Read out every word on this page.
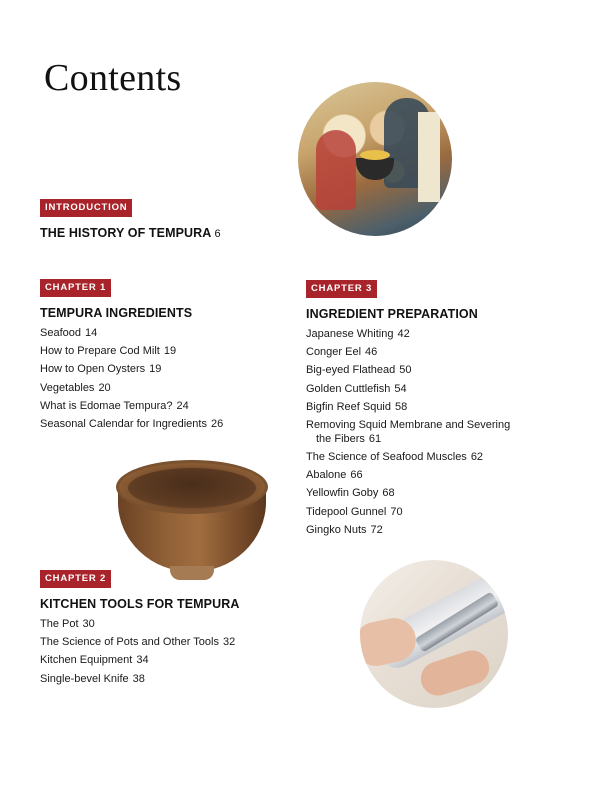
Contents
INTRODUCTION
THE HISTORY OF TEMPURA 6
CHAPTER 1
TEMPURA INGREDIENTS
Seafood 14
How to Prepare Cod Milt 19
How to Open Oysters 19
Vegetables 20
What is Edomae Tempura? 24
Seasonal Calendar for Ingredients 26
CHAPTER 3
INGREDIENT PREPARATION
Japanese Whiting 42
Conger Eel 46
Big-eyed Flathead 50
Golden Cuttlefish 54
Bigfin Reef Squid 58
Removing Squid Membrane and Severing
the Fibers 61
The Science of Seafood Muscles 62
Abalone 66
Yellowfin Goby 68
Tidepool Gunnel 70
Gingko Nuts 72
CHAPTER 2
KITCHEN TOOLS FOR TEMPURA
The Pot 30
The Science of Pots and Other Tools 32
Kitchen Equipment 34
Single-bevel Knife 38
